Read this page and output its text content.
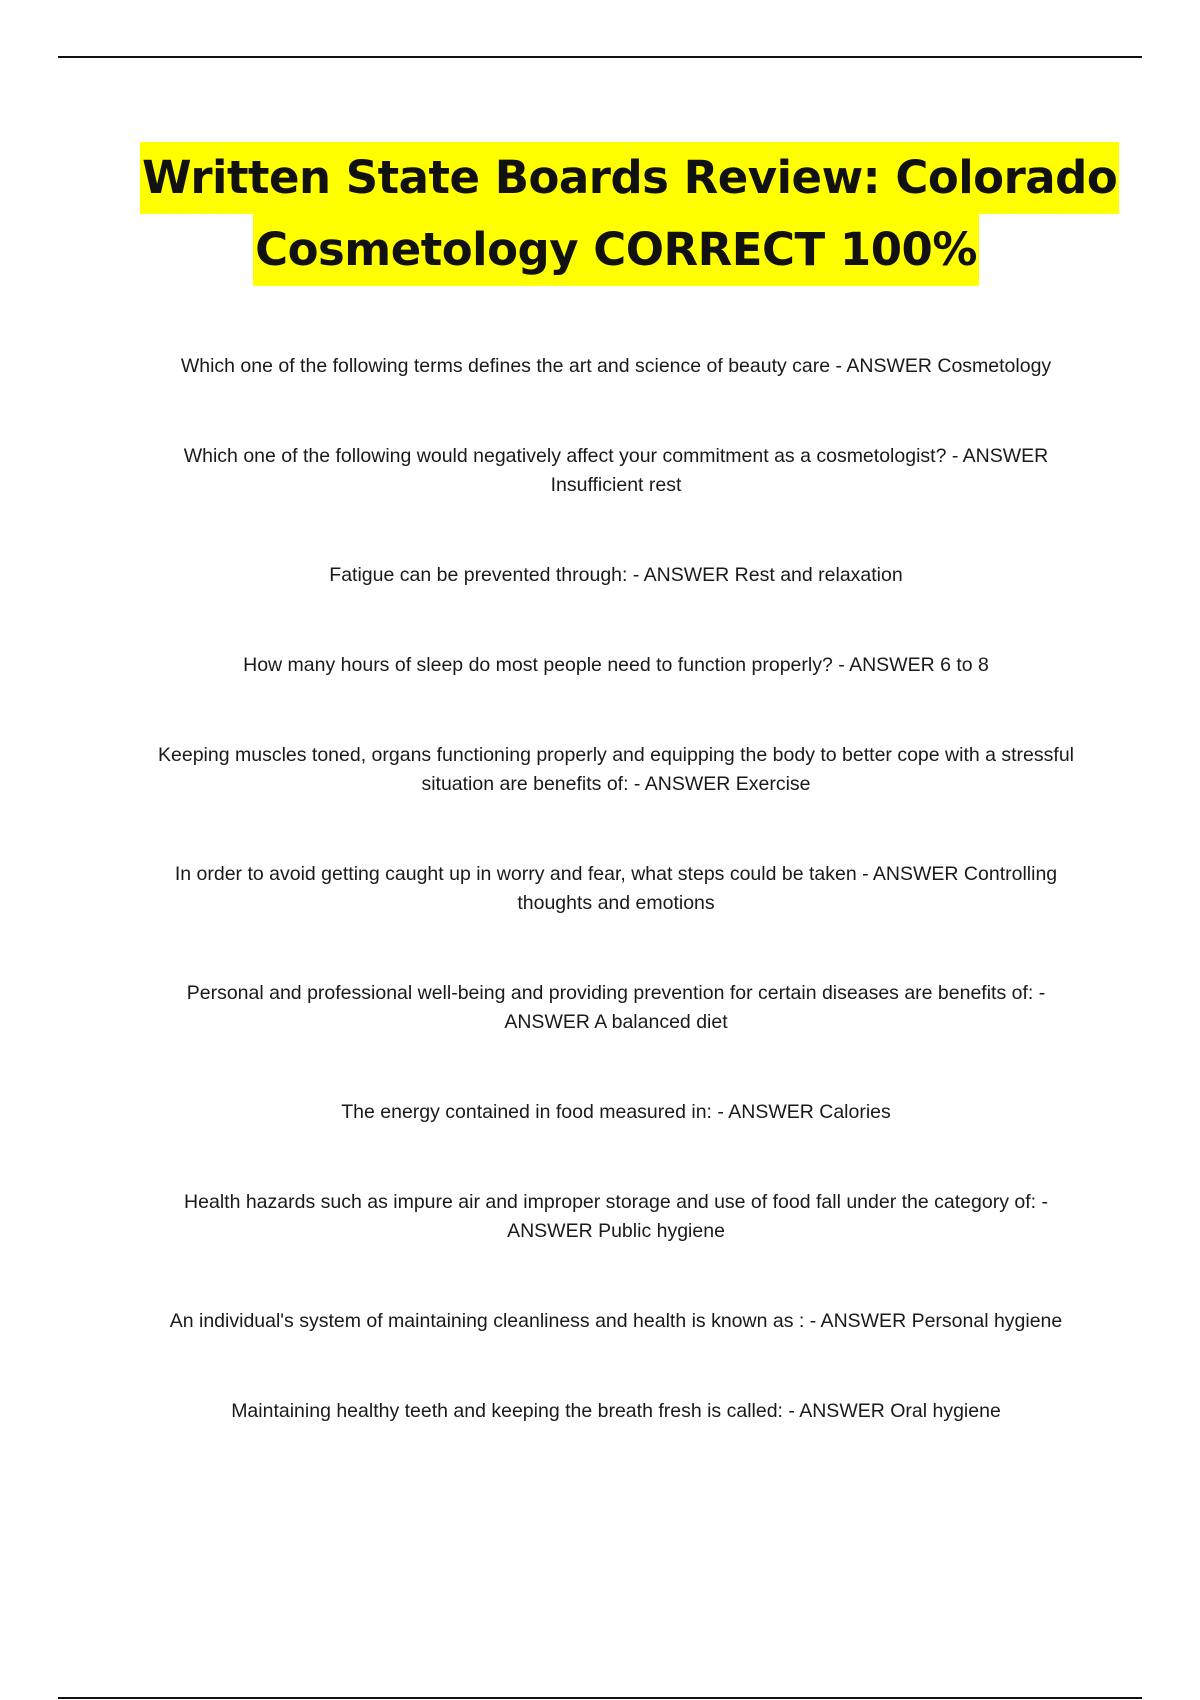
Written State Boards Review: Colorado
Cosmetology CORRECT 100%
Which one of the following terms defines the art and science of beauty care - ANSWER Cosmetology
Which one of the following would negatively affect your commitment as a cosmetologist? - ANSWER Insufficient rest
Fatigue can be prevented through: - ANSWER Rest and relaxation
How many hours of sleep do most people need to function properly? - ANSWER 6 to 8
Keeping muscles toned, organs functioning properly and equipping the body to better cope with a stressful situation are benefits of: - ANSWER Exercise
In order to avoid getting caught up in worry and fear, what steps could be taken - ANSWER Controlling thoughts and emotions
Personal and professional well-being and providing prevention for certain diseases are benefits of: - ANSWER A balanced diet
The energy contained in food measured in: - ANSWER Calories
Health hazards such as impure air and improper storage and use of food fall under the category of: - ANSWER Public hygiene
An individual's system of maintaining cleanliness and health is known as : - ANSWER Personal hygiene
Maintaining healthy teeth and keeping the breath fresh is called: - ANSWER Oral hygiene
